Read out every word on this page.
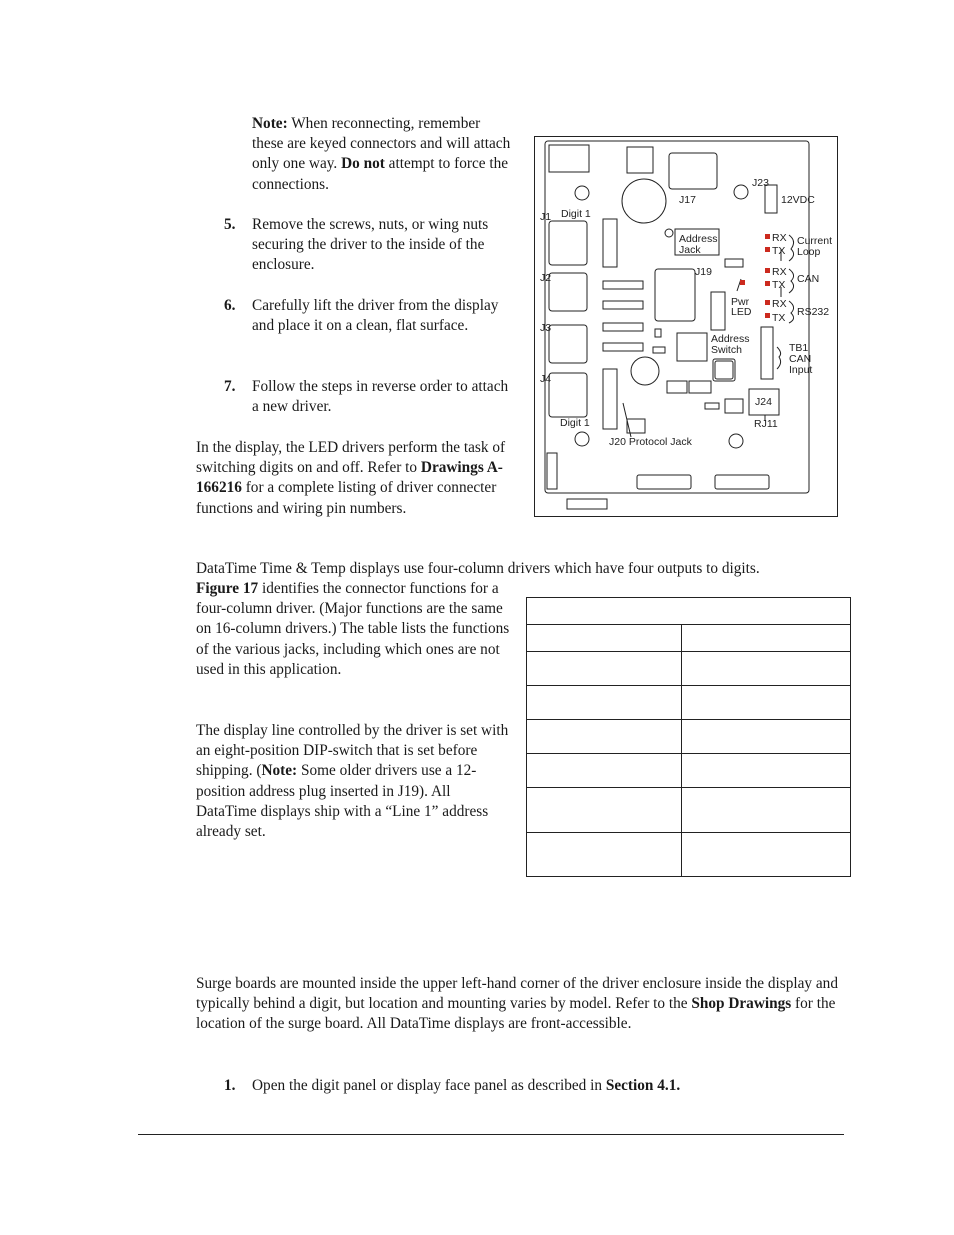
Note: When reconnecting, remember these are keyed connectors and will attach only one way. Do not attempt to force the connections.

5. Remove the screws, nuts, or wing nuts securing the driver to the inside of the enclosure.

6. Carefully lift the driver from the display and place it on a clean, flat surface.

7. Follow the steps in reverse order to attach a new driver.

In the display, the LED drivers perform the task of switching digits on and off. Refer to Drawings A-166216 for a complete listing of driver connecter functions and wiring pin numbers.

J17
J23
12VDC
J1 Digit 1
Address
Jack
J19
RX
TX
Current
Loop
RX
TX CAN
RX
TX RS232
J2
J3
J4
Pwr
LED
Address
Switch	TB1
CAN
Input
J24
RJ11
Digit 1
J20 Protocol Jack

DataTime Time & Temp displays use four-column drivers which have four outputs to digits.

Figure 17 identifies the connector functions for a four-column driver. (Major functions are the same on 16-column drivers.) The table lists the functions of the various jacks, including which ones are not used in this application.

The display line controlled by the driver is set with an eight-position DIP-switch that is set before shipping. (Note: Some older drivers use a 12-position address plug inserted in J19). All DataTime displays ship with a “Line 1” address already set.

Surge boards are mounted inside the upper left-hand corner of the driver enclosure inside the display and typically behind a digit, but location and mounting varies by model. Refer to the Shop Drawings for the location of the surge board. All DataTime displays are front-accessible.

1. Open the digit panel or display face panel as described in Section 4.1.
